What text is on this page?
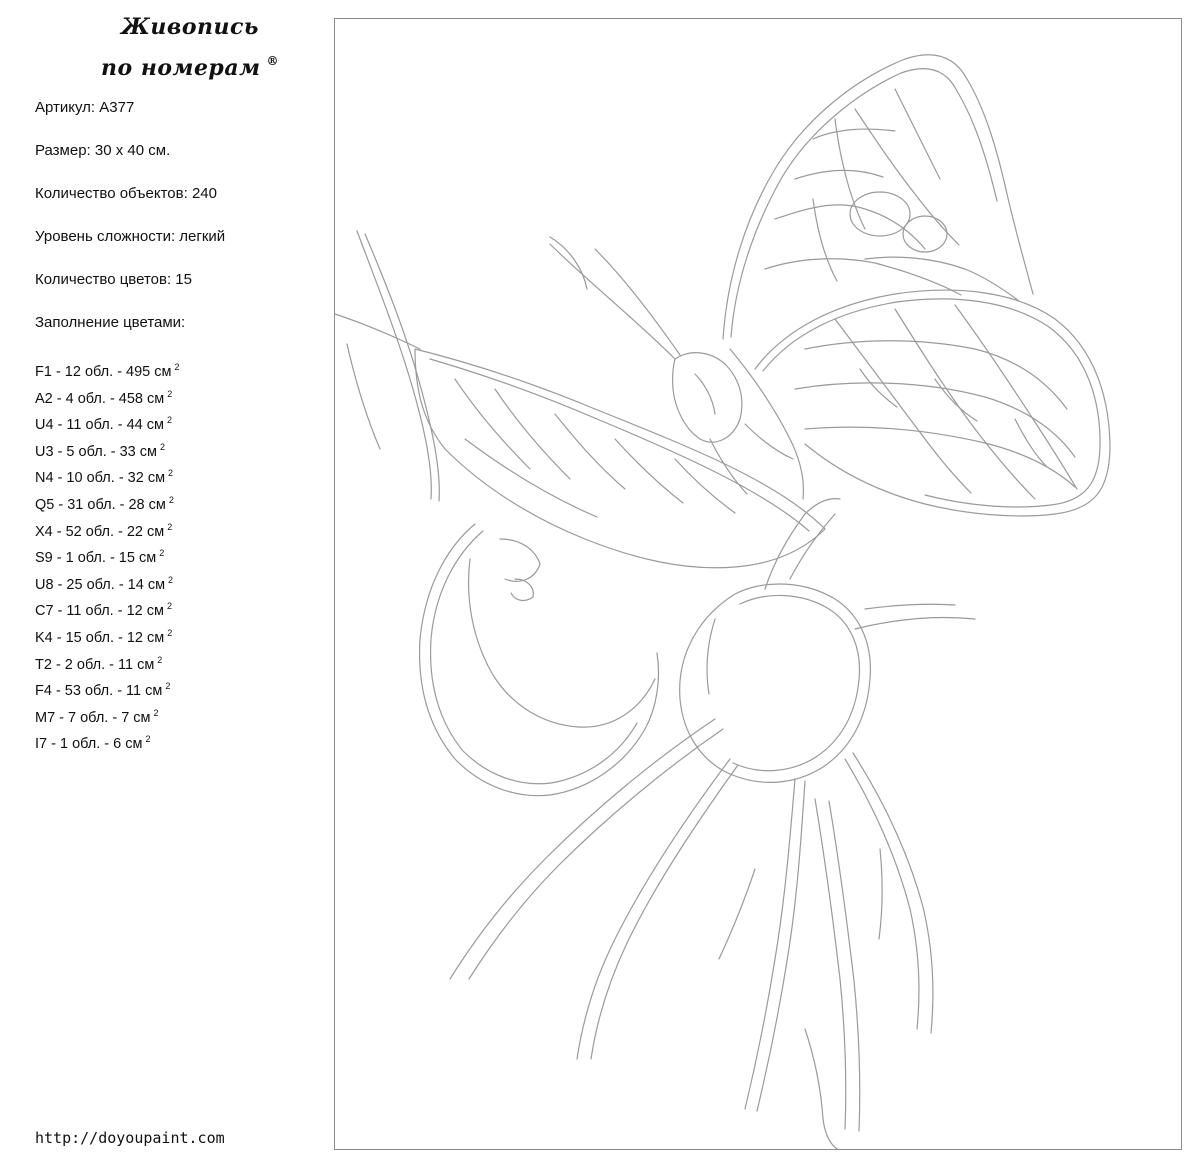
Живопись
по номерам ®
Артикул: А377
Размер: 30 х 40 см.
Количество объектов: 240
Уровень сложности: легкий
Количество цветов: 15
Заполнение цветами:
F1 - 12 обл. - 495 см $^2$
A2 - 4 обл. - 458 см $^2$
U4 - 11 обл. - 44 см $^2$
U3 - 5 обл. - 33 см $^2$
N4 - 10 обл. - 32 см $^2$
Q5 - 31 обл. - 28 см $^2$
X4 - 52 обл. - 22 см $^2$
S9 - 1 обл. - 15 см $^2$
U8 - 25 обл. - 14 см $^2$
C7 - 11 обл. - 12 см $^2$
K4 - 15 обл. - 12 см $^2$
T2 - 2 обл. - 11 см $^2$
F4 - 53 обл. - 11 см $^2$
M7 - 7 обл. - 7 см $^2$
I7 - 1 обл. - 6 см $^2$
http://doyoupaint.com
